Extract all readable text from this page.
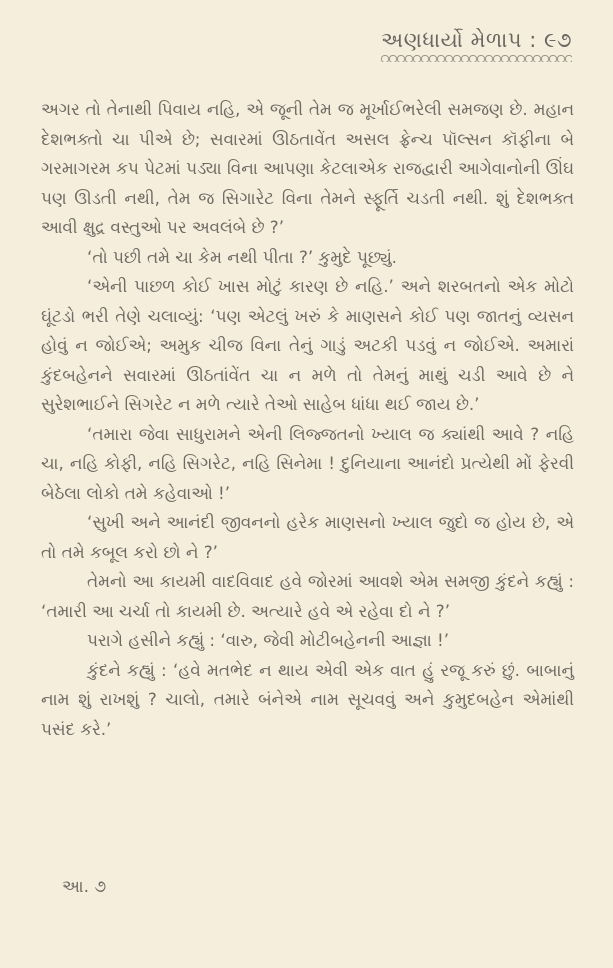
અણધાર્યો મેળાપ : ૯૭

અગર તો તેનાથી પિવાય નહિ, એ જૂની તેમ જ મૂર્ખાઈભરેલી સમજણ છે. મહાન દેશભક્તો ચા પીએ છે; સવારમાં ઊઠતાવેંત અસલ ફ્રેન્ચ પૉલ્સન કૉફીના બે ગરમાગરમ કપ પેટમાં પડ્યા વિના આપણા કેટલાએક રાજદ્વારી આગેવાનોની ઊંઘ પણ ઊડતી નથી, તેમ જ સિગારેટ વિના તેમને સ્ફૂર્તિ ચડતી નથી. શું દેશભક્ત આવી ક્ષુદ્ર વસ્તુઓ પર અવલંબે છે ?’

‘તો પછી તમે ચા કેમ નથી પીતા ?’ કુમુદે પૂછ્યું.

‘એની પાછળ કોઈ ખાસ મોટું કારણ છે નહિ.’ અને શરબતનો એક મોટો ઘૂંટડો ભરી તેણે ચલાવ્યું: ‘પણ એટલું ખરું કે માણસને કોઈ પણ જાતનું વ્યસન હોવું ન જોઈએ; અમુક ચીજ વિના તેનું ગાડું અટકી પડવું ન જોઈએ. અમારાં કુંદબહેનને સવારમાં ઊઠતાંવેંત ચા ન મળે તો તેમનું માથું ચડી આવે છે ને સુરેશભાઈને સિગરેટ ન મળે ત્યારે તેઓ સાહેબ ધાંધા થઈ જાય છે.’

‘તમારા જેવા સાધુરામને એની લિજ્જતનો ખ્યાલ જ ક્યાંથી આવે ? નહિ ચા, નહિ કોફી, નહિ સિગરેટ, નહિ સિનેમા ! દુનિયાના આનંદો પ્રત્યેથી મોં ફેરવી બેઠેલા લોકો તમે કહેવાઓ !’

‘સુખી અને આનંદી જીવનનો હરેક માણસનો ખ્યાલ જુદો જ હોય છે, એ તો તમે કબૂલ કરો છો ને ?’

તેમનો આ કાયમી વાદવિવાદ હવે જોરમાં આવશે એમ સમજી કુંદને કહ્યું : ‘તમારી આ ચર્ચા તો કાયમી છે. અત્યારે હવે એ રહેવા દો ને ?’

પરાગે હસીને કહ્યું : ‘વારુ, જેવી મોટીબહેનની આજ્ઞા !’

કુંદને કહ્યું : ‘હવે મતભેદ ન થાય એવી એક વાત હું રજૂ કરું છું. બાબાનું નામ શું રાખશું ? ચાલો, તમારે બંનેએ નામ સૂચવવું અને કુમુદબહેન એમાંથી પસંદ કરે.’

આ. ૭
